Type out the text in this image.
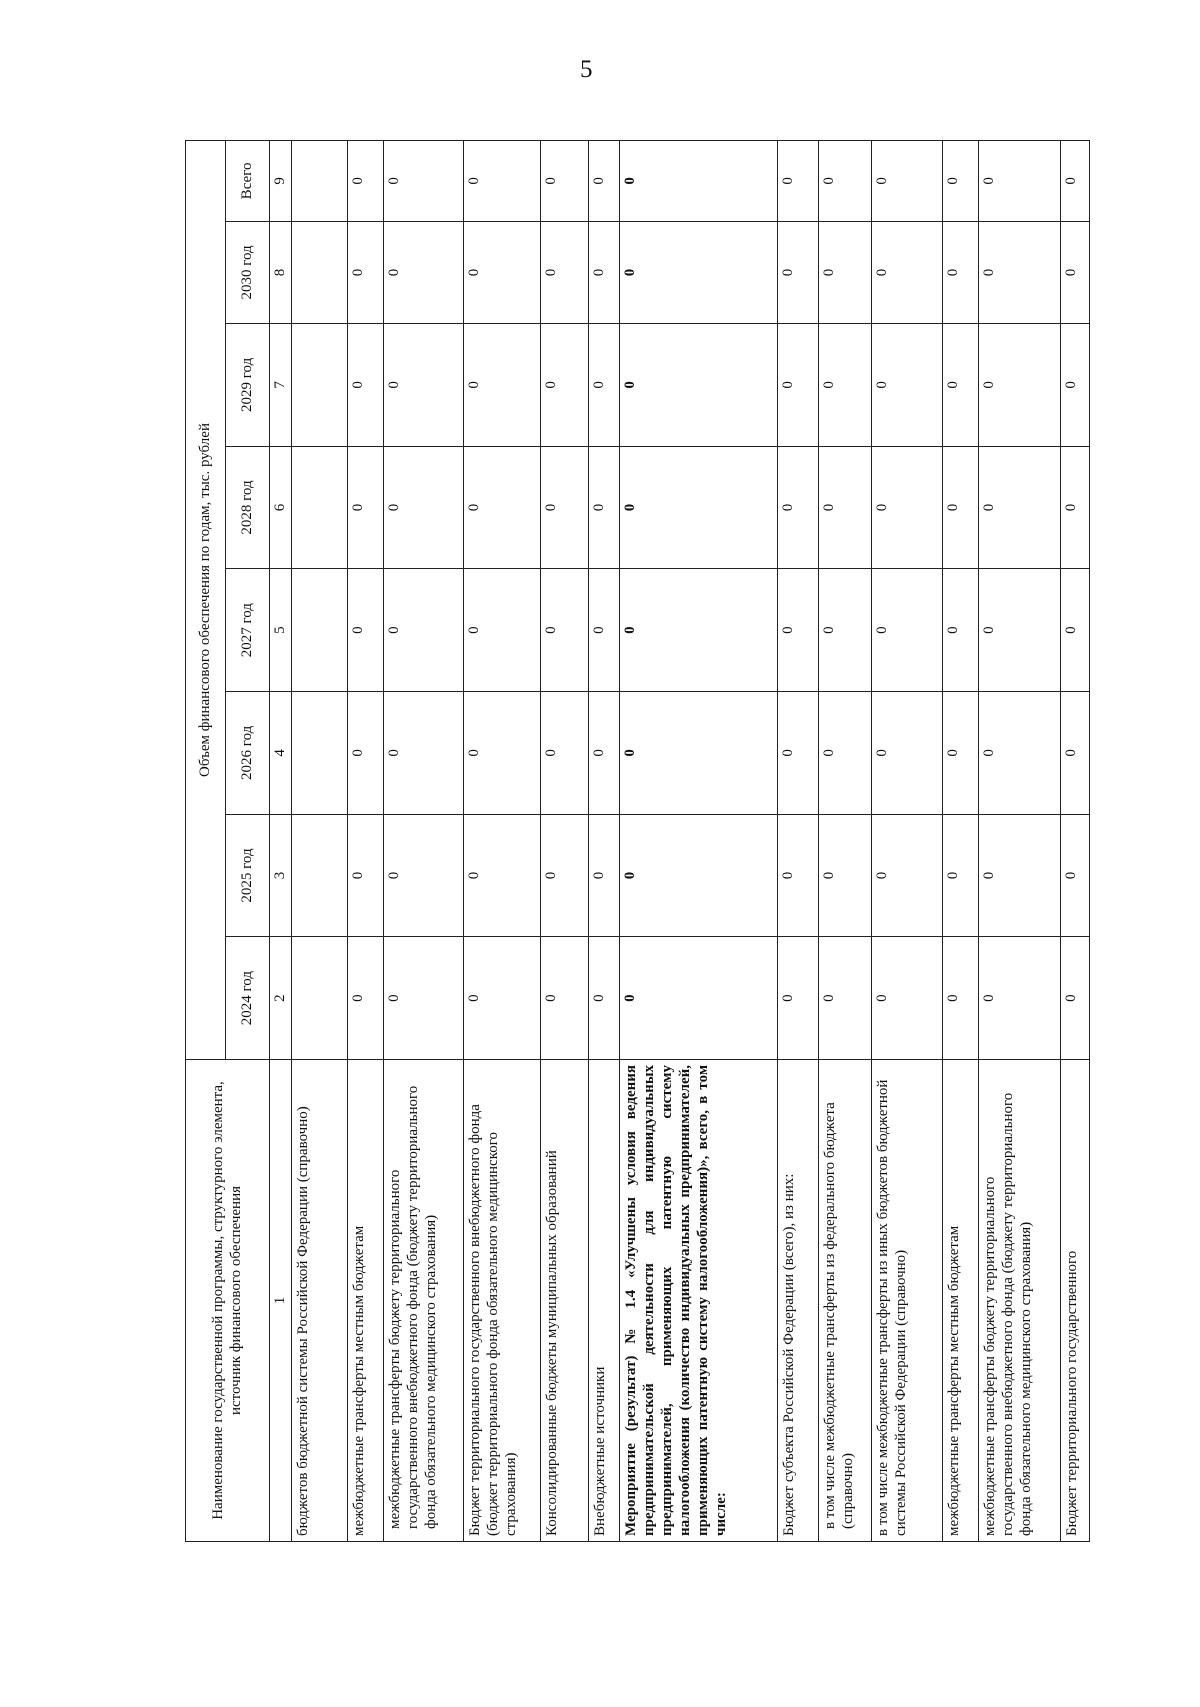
5
Наименование государственной программы, структурного элемента, источник финансового обеспечения	Объем финансового обеспечения по годам, тыс. рублей							
	2024 год	2025 год	2026 год	2027 год	2028 год	2029 год	2030 год	Всего
1	2	3	4	5	6	7	8	9
бюджетов бюджетной системы Российской Федерации (справочно)								
межбюджетные трансферты местным бюджетам	0	0	0	0	0	0	0	0
межбюджетные трансферты бюджету территориального государственного внебюджетного фонда (бюджету территориального фонда обязательного медицинского страхования)	0	0	0	0	0	0	0	0
Бюджет территориального государственного внебюджетного фонда (бюджет территориального фонда обязательного медицинского страхования)	0	0	0	0	0	0	0	0
Консолидированные бюджеты муниципальных образований	0	0	0	0	0	0	0	0
Внебюджетные источники	0	0	0	0	0	0	0	0
Мероприятие (результат) № 1.4 «Улучшены условия ведения предпринимательской деятельности для индивидуальных предпринимателей, применяющих патентную систему налогообложения (количество индивидуальных предпринимателей, применяющих патентную систему налогообложения)», всего, в том числе:	0	0	0	0	0	0	0	0
Бюджет субъекта Российской Федерации (всего), из них:	0	0	0	0	0	0	0	0
в том числе межбюджетные трансферты из федерального бюджета (справочно)	0	0	0	0	0	0	0	0
в том числе межбюджетные трансферты из иных бюджетов бюджетной системы Российской Федерации (справочно)	0	0	0	0	0	0	0	0
межбюджетные трансферты местным бюджетам	0	0	0	0	0	0	0	0
межбюджетные трансферты бюджету территориального государственного внебюджетного фонда (бюджету территориального фонда обязательного медицинского страхования)	0	0	0	0	0	0	0	0
Бюджет территориального государственного	0	0	0	0	0	0	0	0
